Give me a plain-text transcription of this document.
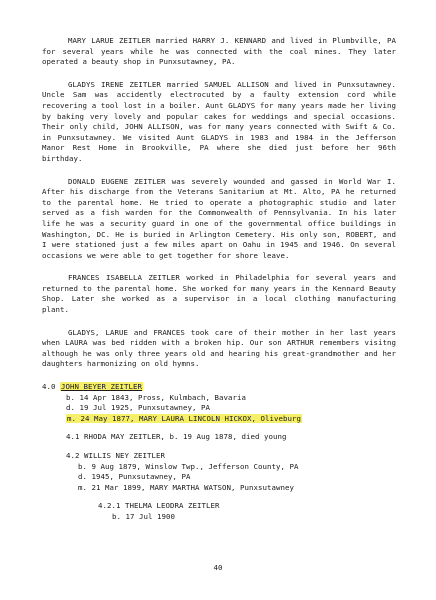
MARY LARUE ZEITLER married HARRY J. KENNARD and lived in Plumbville, PA for several years while he was connected with the coal mines. They later operated a beauty shop in Punxsutawney, PA.

GLADYS IRENE ZEITLER married SAMUEL ALLISON and lived in Punxsutawney. Uncle Sam was accidently electrocuted by a faulty extension cord while recovering a tool lost in a boiler. Aunt GLADYS for many years made her living by baking very lovely and popular cakes for weddings and special occasions. Their only child, JOHN ALLISON, was for many years connected with Swift & Co. in Punxsutawney. We visited Aunt GLADYS in 1983 and 1984 in the Jefferson Manor Rest Home in Brookville, PA where she died just before her 96th birthday.

DONALD EUGENE ZEITLER was severely wounded and gassed in World War I. After his discharge from the Veterans Sanitarium at Mt. Alto, PA he returned to the parental home. He tried to operate a photographic studio and later served as a fish warden for the Commonwealth of Pennsylvania. In his later life he was a security guard in one of the governmental office buildings in Washington, DC. He is buried in Arlington Cemetery. His only son, ROBERT, and I were stationed just a few miles apart on Oahu in 1945 and 1946. On several occasions we were able to get together for shore leave.

FRANCES ISABELLA ZEITLER worked in Philadelphia for several years and returned to the parental home. She worked for many years in the Kennard Beauty Shop. Later she worked as a supervisor in a local clothing manufacturing plant.

GLADYS, LARUE and FRANCES took care of their mother in her last years when LAURA was bed ridden with a broken hip. Our son ARTHUR remembers visitng although he was only three years old and hearing his great-grandmother and her daughters harmonizing on old hymns.

4.0 JOHN BEYER ZEITLER
b. 14 Apr 1843, Pross, Kulmbach, Bavaria
d. 19 Jul 1925, Punxsutawney, PA
m. 24 May 1877, MARY LAURA LINCOLN HICKOX, Oliveburg
4.1 RHODA MAY ZEITLER, b. 19 Aug 1878, died young
4.2 WILLIS NEY ZEITLER
b. 9 Aug 1879, Winslow Twp., Jefferson County, PA
d. 1945, Punxsutawney, PA
m. 21 Mar 1899, MARY MARTHA WATSON, Punxsutawney
4.2.1 THELMA LEODRA ZEITLER
b. 17 Jul 1900
40
